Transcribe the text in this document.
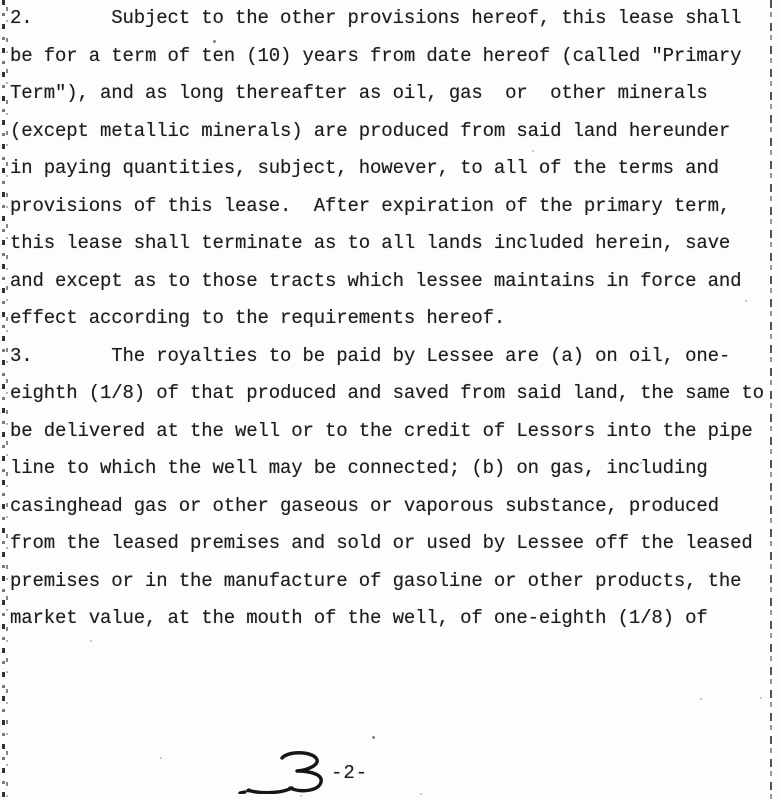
2.       Subject to the other provisions hereof, this lease shall
be for a term of ten (10) years from date hereof (called "Primary
Term"), and as long thereafter as oil, gas  or  other minerals
(except metallic minerals) are produced from said land hereunder
in paying quantities, subject, however, to all of the terms and
provisions of this lease.  After expiration of the primary term,
this lease shall terminate as to all lands included herein, save
and except as to those tracts which lessee maintains in force and
effect according to the requirements hereof.
3.       The royalties to be paid by Lessee are (a) on oil, one-
eighth (1/8) of that produced and saved from said land, the same to
be delivered at the well or to the credit of Lessors into the pipe
line to which the well may be connected; (b) on gas, including
casinghead gas or other gaseous or vaporous substance, produced
from the leased premises and sold or used by Lessee off the leased
premises or in the manufacture of gasoline or other products, the
market value, at the mouth of the well, of one-eighth (1/8) of
-2-
